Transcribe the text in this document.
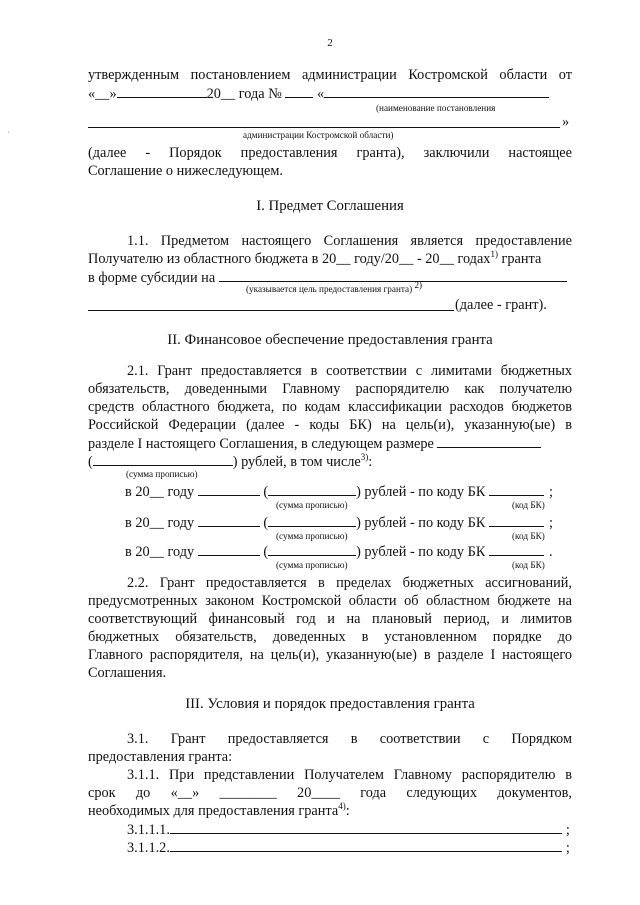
,
2
утвержденным постановлением администрации Костромской области от
«__»	20__ года № «
(наименование постановления
»
администрации Костромской области)
(далее - Порядок предоставления гранта), заключили настоящее
Соглашение о нижеследующем.
I. Предмет Соглашения
1.1. Предметом настоящего Соглашения является предоставление
Получателю из областного бюджета в 20__ году/20__ - 20__ годах$^{1)}$ гранта
в форме субсидии на
(указывается цель предоставления гранта) $^{2)}$
(далее - грант).
II. Финансовое обеспечение предоставления гранта
2.1. Грант предоставляется в соответствии с лимитами бюджетных
обязательств, доведенными Главному распорядителю как получателю
средств областного бюджета, по кодам классификации расходов бюджетов
Российской Федерации (далее - коды БК) на цель(и), указанную(ые) в
разделе I настоящего Соглашения, в следующем размере
(	) рублей, в том числе$^{3)}$:
(сумма прописью)
в 20__ году	(	) рублей - по коду БК	;
(сумма прописью)	(код БК)
в 20__ году	(	) рублей - по коду БК	;
(сумма прописью)	(код БК)
в 20__ году	(	) рублей - по коду БК	.
(сумма прописью)	(код БК)
2.2. Грант предоставляется в пределах бюджетных ассигнований,
предусмотренных законом Костромской области об областном бюджете на
соответствующий финансовый год и на плановый период, и лимитов
бюджетных обязательств, доведенных в установленном порядке до
Главного распорядителя, на цель(и), указанную(ые) в разделе I настоящего
Соглашения.
III. Условия и порядок предоставления гранта
3.1. Грант предоставляется в соответствии с Порядком
предоставления гранта:
3.1.1. При представлении Получателем Главному распорядителю в
срок до «__» ________ 20____ года следующих документов,
необходимых для предоставления гранта$^{4)}$:
3.1.1.1.	;
3.1.1.2.	;
